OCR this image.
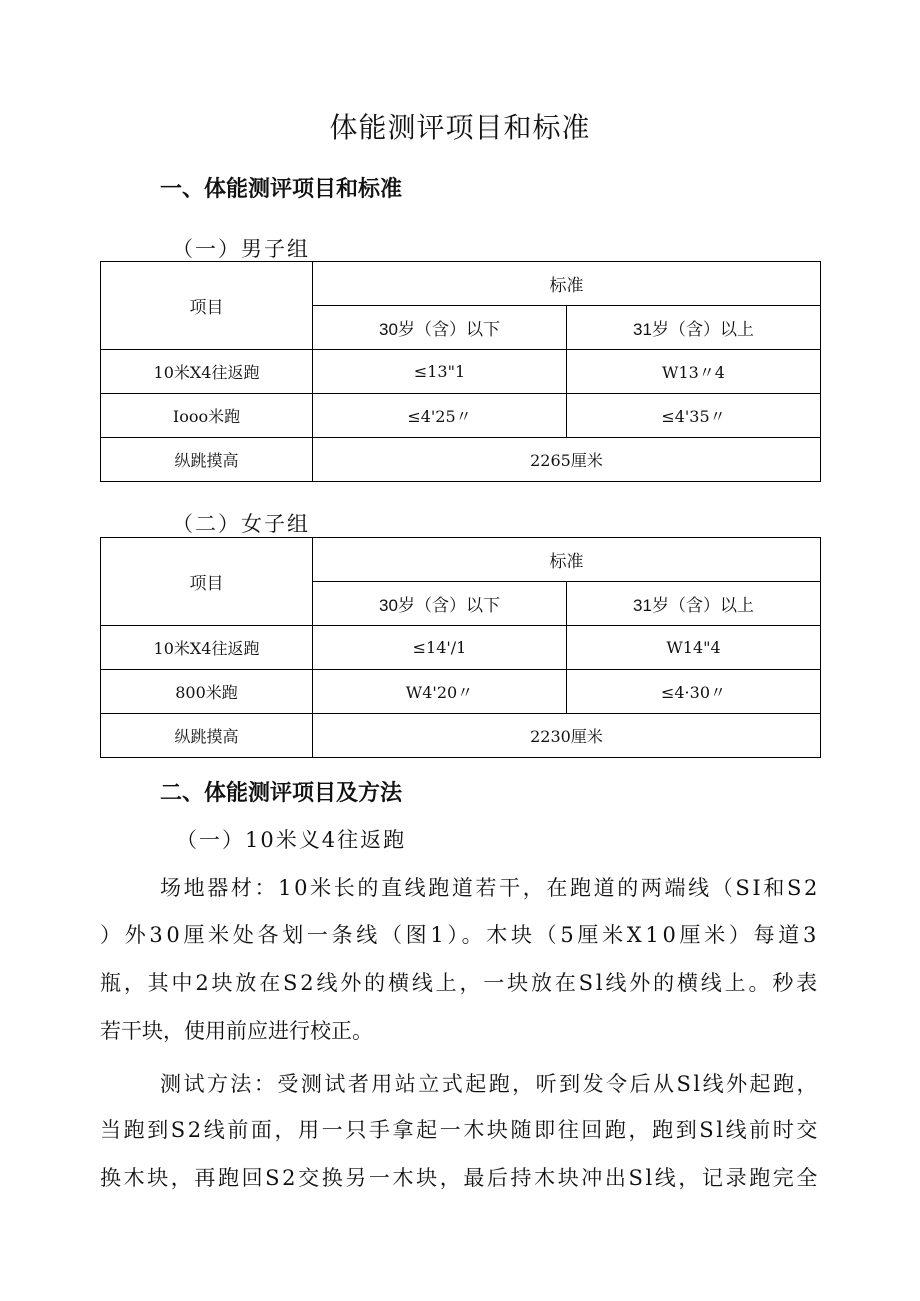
体能测评项目和标准
一、体能测评项目和标准
（一）男子组
项目	标准	
	30岁（含）以下	31岁（含）以上
10米X4往返跑	≤13"1	W13〃4
Iooo米跑	≤4'25〃	≤4'35〃
纵跳摸高	2265厘米	
（二）女子组
项目	标准	
	30岁（含）以下	31岁（含）以上
10米X4往返跑	≤14'/1	W14"4
800米跑	W4'20〃	≤4·30〃
纵跳摸高	2230厘米	
二、体能测评项目及方法
（一）10米义4往返跑
场地器材：10米长的直线跑道若干，在跑道的两端线（SI和S2
）外30厘米处各划一条线（图1）。木块（5厘米X10厘米）每道3
瓶，其中2块放在S2线外的横线上，一块放在Sl线外的横线上。秒表
若干块，使用前应进行校正。
测试方法：受测试者用站立式起跑，听到发令后从Sl线外起跑，
当跑到S2线前面，用一只手拿起一木块随即往回跑，跑到Sl线前时交
换木块，再跑回S2交换另一木块，最后持木块冲出Sl线，记录跑完全
